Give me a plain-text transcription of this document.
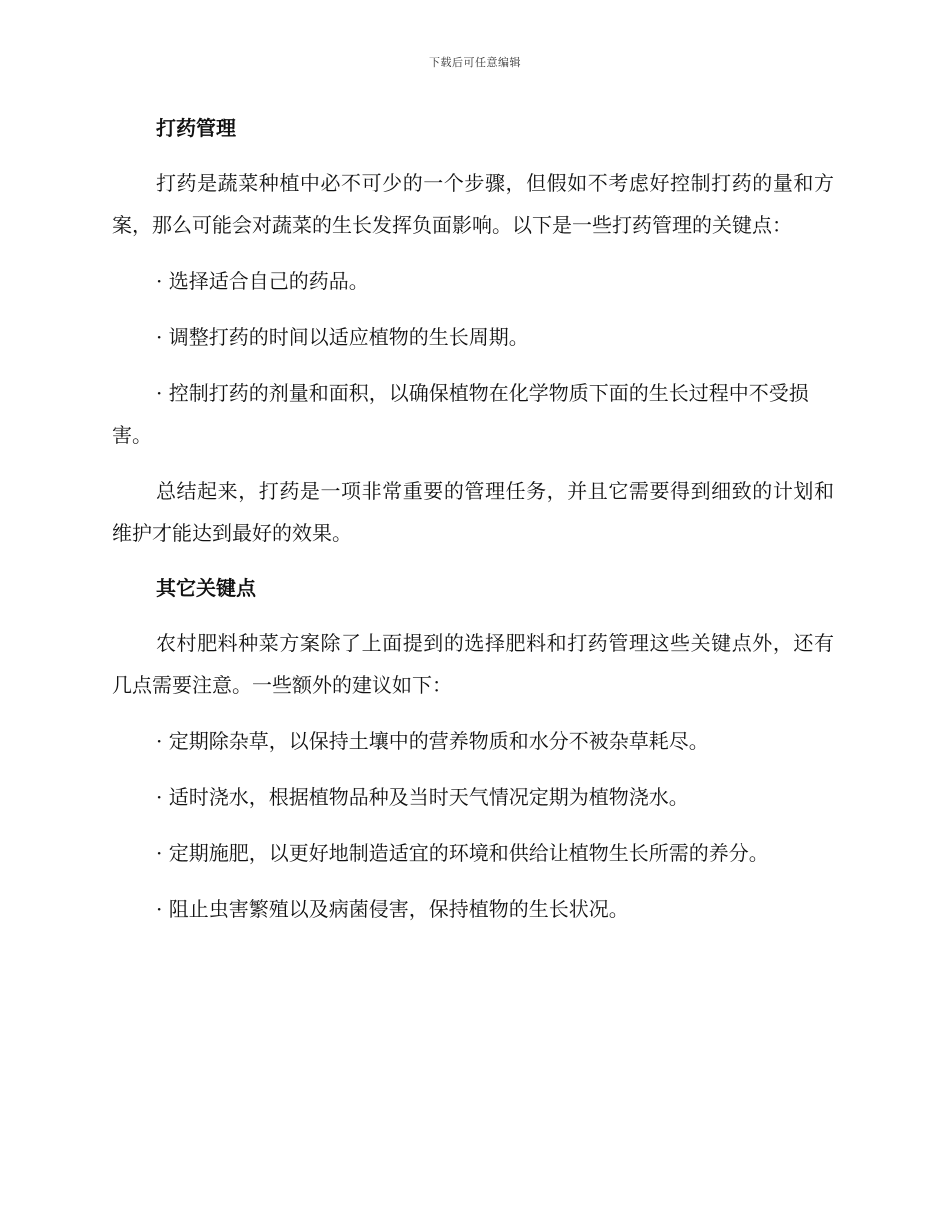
下载后可任意编辑
打药管理

打药是蔬菜种植中必不可少的一个步骤，但假如不考虑好控制打药的量和方案，那么可能会对蔬菜的生长发挥负面影响。以下是一些打药管理的关键点：

· 选择适合自己的药品。

· 调整打药的时间以适应植物的生长周期。

· 控制打药的剂量和面积，以确保植物在化学物质下面的生长过程中不受损害。

总结起来，打药是一项非常重要的管理任务，并且它需要得到细致的计划和维护才能达到最好的效果。

其它关键点

农村肥料种菜方案除了上面提到的选择肥料和打药管理这些关键点外，还有几点需要注意。一些额外的建议如下：

· 定期除杂草，以保持土壤中的营养物质和水分不被杂草耗尽。

· 适时浇水，根据植物品种及当时天气情况定期为植物浇水。

· 定期施肥，以更好地制造适宜的环境和供给让植物生长所需的养分。

· 阻止虫害繁殖以及病菌侵害，保持植物的生长状况。
